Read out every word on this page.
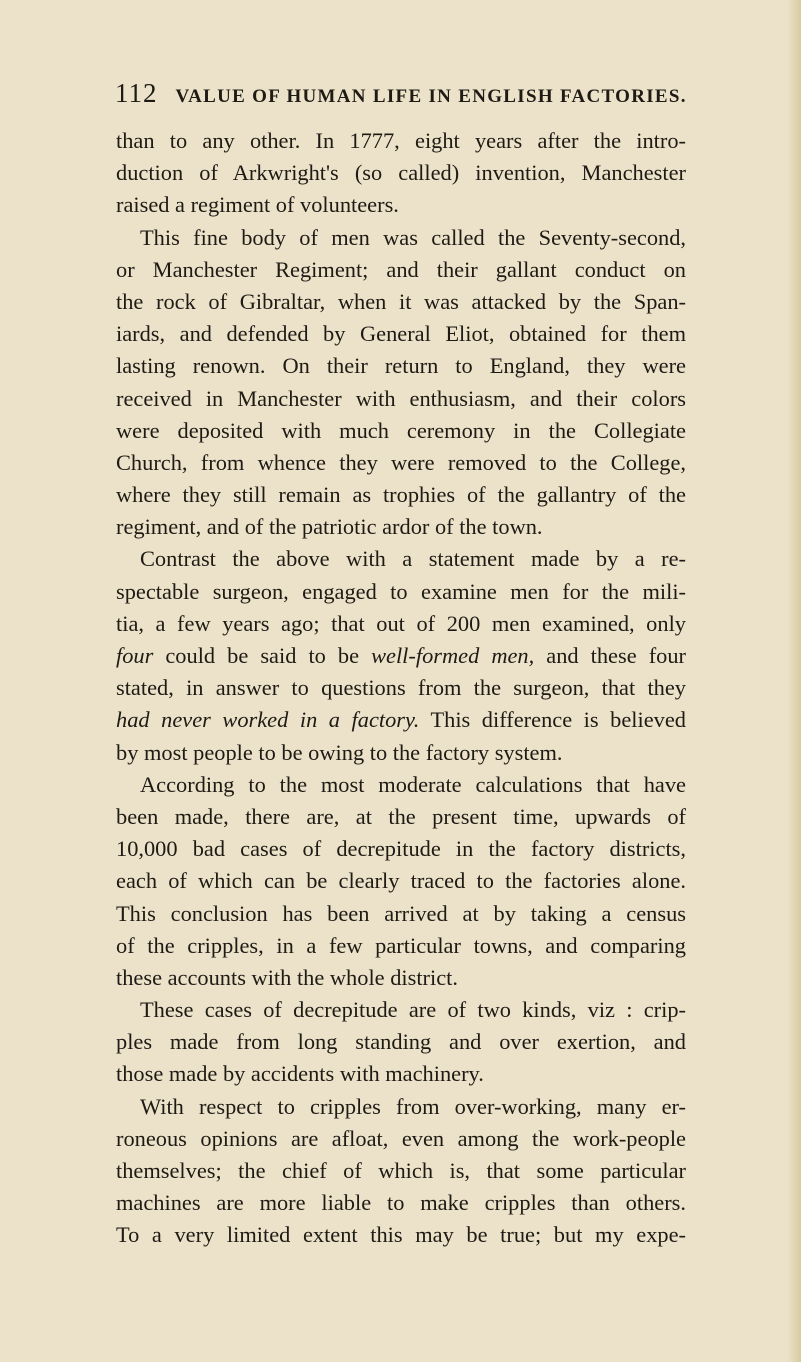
112 VALUE OF HUMAN LIFE IN ENGLISH FACTORIES.
than to any other. In 1777, eight years after the intro-
duction of Arkwright's (so called) invention, Manchester
raised a regiment of volunteers.
This fine body of men was called the Seventy-second,
or Manchester Regiment; and their gallant conduct on
the rock of Gibraltar, when it was attacked by the Span-
iards, and defended by General Eliot, obtained for them
lasting renown. On their return to England, they were
received in Manchester with enthusiasm, and their colors
were deposited with much ceremony in the Collegiate
Church, from whence they were removed to the College,
where they still remain as trophies of the gallantry of the
regiment, and of the patriotic ardor of the town.
Contrast the above with a statement made by a re-
spectable surgeon, engaged to examine men for the mili-
tia, a few years ago; that out of 200 men examined, only
four could be said to be well-formed men, and these four
stated, in answer to questions from the surgeon, that they
had never worked in a factory. This difference is believed
by most people to be owing to the factory system.
According to the most moderate calculations that have
been made, there are, at the present time, upwards of
10,000 bad cases of decrepitude in the factory districts,
each of which can be clearly traced to the factories alone.
This conclusion has been arrived at by taking a census
of the cripples, in a few particular towns, and comparing
these accounts with the whole district.
These cases of decrepitude are of two kinds, viz : crip-
ples made from long standing and over exertion, and
those made by accidents with machinery.
With respect to cripples from over-working, many er-
roneous opinions are afloat, even among the work-people
themselves; the chief of which is, that some particular
machines are more liable to make cripples than others.
To a very limited extent this may be true; but my expe-
